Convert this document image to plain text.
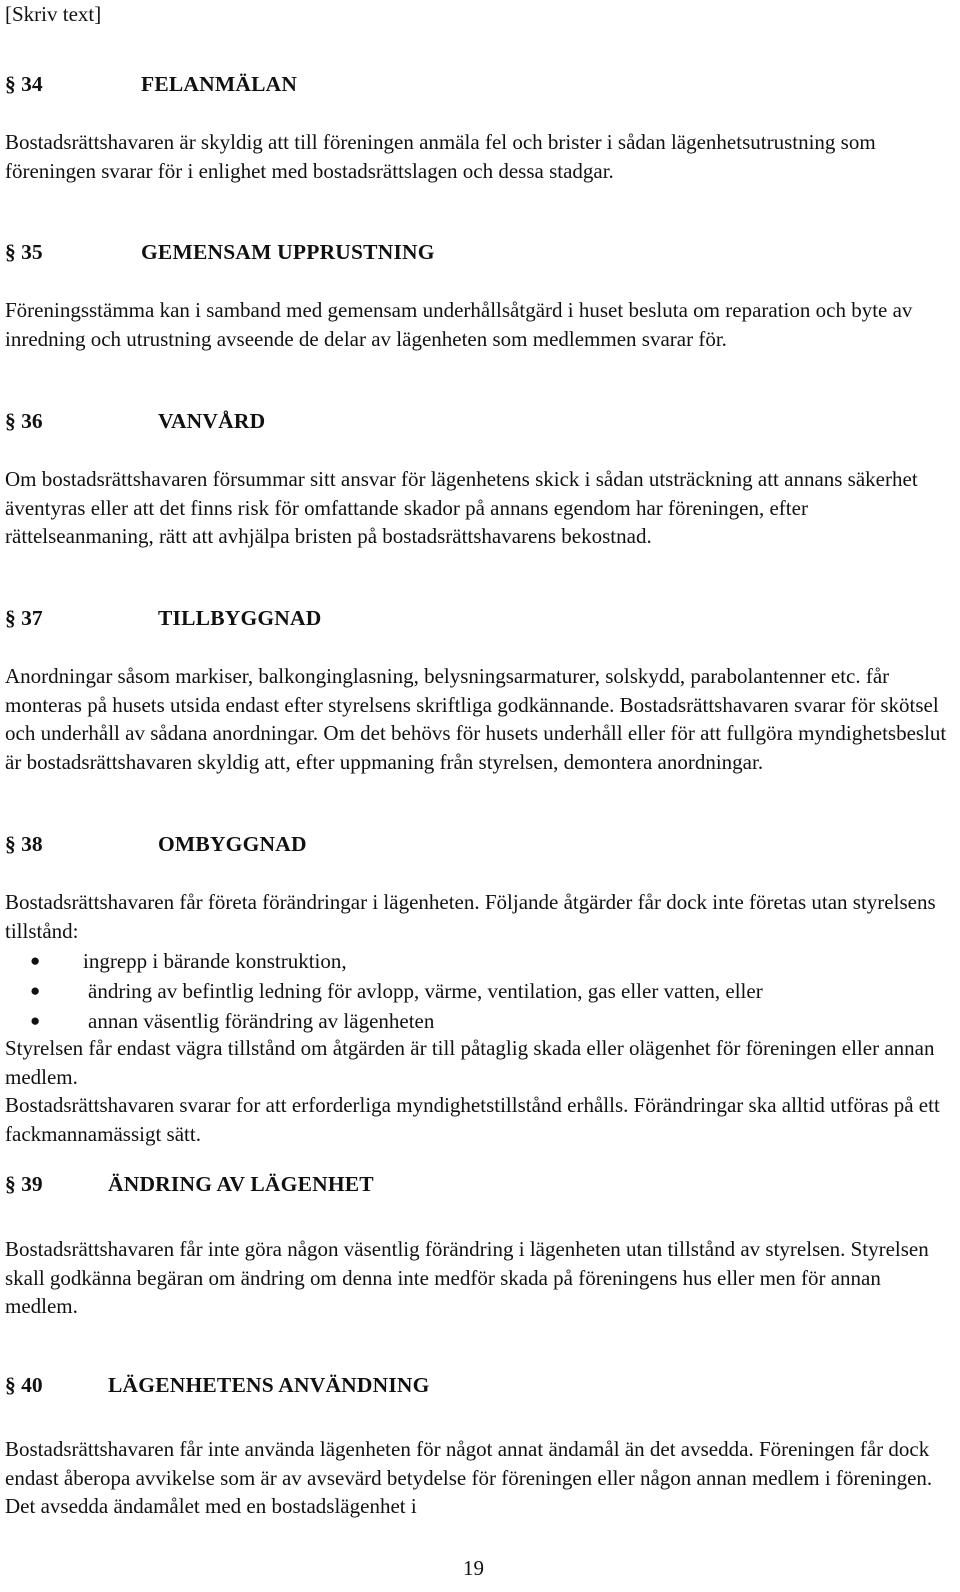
[Skriv text]
§ 34	FELANMÄLAN
Bostadsrättshavaren är skyldig att till föreningen anmäla fel och brister i sådan lägenhetsutrustning som föreningen svarar för i enlighet med bostadsrättslagen och dessa stadgar.
§ 35	GEMENSAM UPPRUSTNING
Föreningsstämma kan i samband med gemensam underhållsåtgärd i huset besluta om reparation och byte av inredning och utrustning avseende de delar av lägenheten som medlemmen svarar för.
§ 36	VANVÅRD
Om bostadsrättshavaren försummar sitt ansvar för lägenhetens skick i sådan utsträckning att annans säkerhet äventyras eller att det finns risk för omfattande skador på annans egendom har föreningen, efter rättelseanmaning, rätt att avhjälpa bristen på bostadsrättshavarens bekostnad.
§ 37	TILLBYGGNAD
Anordningar såsom markiser, balkonginglasning, belysningsarmaturer, solskydd, parabolantenner etc. får monteras på husets utsida endast efter styrelsens skriftliga godkännande. Bostadsrättshavaren svarar för skötsel och underhåll av sådana anordningar. Om det behövs för husets underhåll eller för att fullgöra myndighetsbeslut är bostadsrättshavaren skyldig att, efter uppmaning från styrelsen, demontera anordningar.
§ 38	OMBYGGNAD
Bostadsrättshavaren får företa förändringar i lägenheten. Följande åtgärder får dock inte företas utan styrelsens tillstånd:
● ingrepp i bärande konstruktion,
● ändring av befintlig ledning för avlopp, värme, ventilation, gas eller vatten, eller
● annan väsentlig förändring av lägenheten
Styrelsen får endast vägra tillstånd om åtgärden är till påtaglig skada eller olägenhet för föreningen eller annan medlem.
Bostadsrättshavaren svarar for att erforderliga myndighetstillstånd erhålls. Förändringar ska alltid utföras på ett fackmannamässigt sätt.
§ 39	ÄNDRING AV LÄGENHET
Bostadsrättshavaren får inte göra någon väsentlig förändring i lägenheten utan tillstånd av styrelsen. Styrelsen skall godkänna begäran om ändring om denna inte medför skada på föreningens hus eller men för annan medlem.
§ 40	LÄGENHETENS ANVÄNDNING
Bostadsrättshavaren får inte använda lägenheten för något annat ändamål än det avsedda. Föreningen får dock endast åberopa avvikelse som är av avsevärd betydelse för föreningen eller någon annan medlem i föreningen. Det avsedda ändamålet med en bostadslägenhet i
19
